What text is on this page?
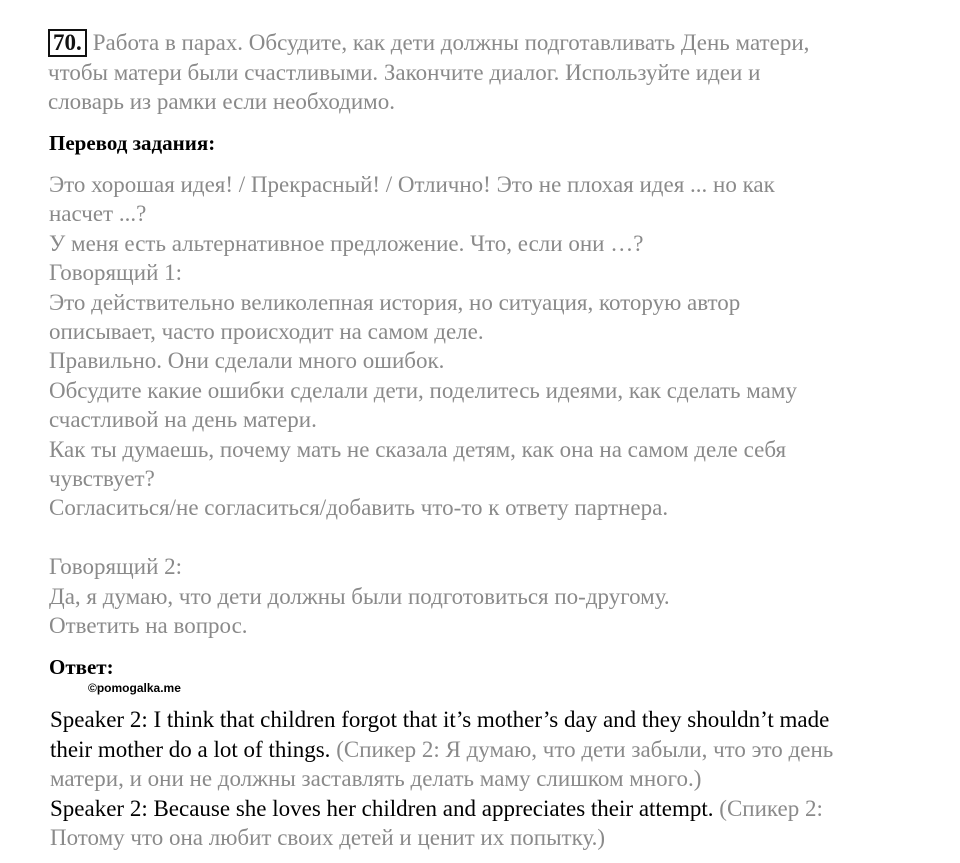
70. Работа в парах. Обсудите, как дети должны подготавливать День матери,
чтобы матери были счастливыми. Закончите диалог. Используйте идеи и
словарь из рамки если необходимо.
Перевод задания:
Это хорошая идея! / Прекрасный! / Отлично! Это не плохая идея ... но как
насчет ...?
У меня есть альтернативное предложение. Что, если они …?
Говорящий 1:
Это действительно великолепная история, но ситуация, которую автор
описывает, часто происходит на самом деле.
Правильно. Они сделали много ошибок.
Обсудите какие ошибки сделали дети, поделитесь идеями, как сделать маму
счастливой на день матери.
Как ты думаешь, почему мать не сказала детям, как она на самом деле себя
чувствует?
Согласиться/не согласиться/добавить что-то к ответу партнера.
Говорящий 2:
Да, я думаю, что дети должны были подготовиться по-другому.
Ответить на вопрос.
Ответ:
©pomogalka.me
Speaker 2: I think that children forgot that it’s mother’s day and they shouldn’t made
their mother do a lot of things. (Спикер 2: Я думаю, что дети забыли, что это день
матери, и они не должны заставлять делать маму слишком много.)
Speaker 2: Because she loves her children and appreciates their attempt. (Спикер 2:
Потому что она любит своих детей и ценит их попытку.)
